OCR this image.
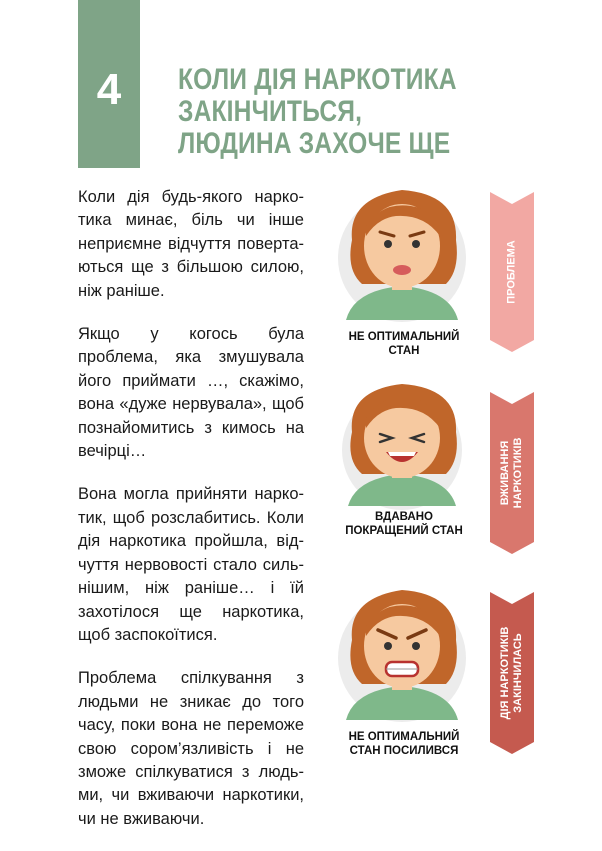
4	КОЛИ ДІЯ НАРКОТИКА
ЗАКІНЧИТЬСЯ,
ЛЮДИНА ЗАХОЧЕ ЩЕ

Коли дія будь-якого наркотика минає, біль чи інше неприємне відчуття повертаються ще з більшою силою, ніж раніше.

Якщо у когось була проблема, яка змушувала його приймати …, скажімо, вона «дуже нервувала», щоб познайомитись з кимось на вечірці…

Вона могла прийняти наркотик, щоб розслабитись. Коли дія наркотика пройшла, відчуття нервовості стало сильнішим, ніж раніше… і їй захотілося ще наркотика, щоб заспокоїтися.

Проблема спілкування з людьми не зникає до того часу, поки вона не переможе свою сором’язливість і не зможе спілкуватися з людьми, чи вживаючи наркотики, чи не вживаючи.

НЕ ОПТИМАЛЬНИЙ
СТАН
ВДАВАНО
ПОКРАЩЕНИЙ СТАН
НЕ ОПТИМАЛЬНИЙ
СТАН ПОСИЛИВСЯ
ПРОБЛЕМА
ВЖИВАННЯ НАРКОТИКІВ
ДІЯ НАРКОТИКІВ ЗАКІНЧИЛАСЬ
